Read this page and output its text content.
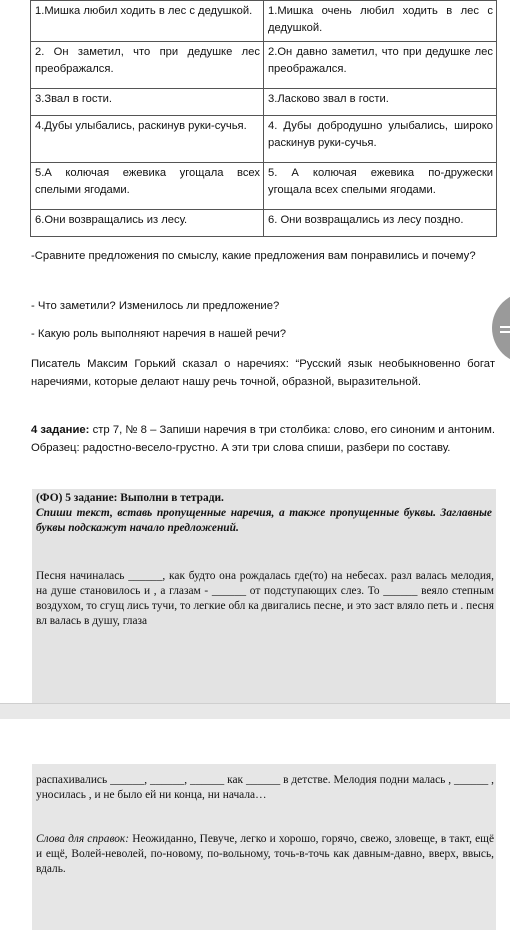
1.Мишка любил ходить в лес с дедушкой.	1.Мишка очень любил ходить в лес с дедушкой.
2. Он заметил, что при дедушке лес преображался.	2.Он давно заметил, что при дедушке лес преображался.
3.Звал в гости.	3.Ласково звал в гости.
4.Дубы улыбались, раскинув руки-сучья.	4. Дубы добродушно улыбались, широко раскинув руки-сучья.
5.А колючая ежевика угощала всех спелыми ягодами.	5. А колючая ежевика по-дружески угощала всех спелыми ягодами.
6.Они возвращались из лесу.	6. Они возвращались из лесу поздно.

-Сравните предложения по смыслу, какие предложения вам понравились и почему?

- Что заметили? Изменилось ли предложение?

- Какую роль выполняют наречия в нашей речи?

Писатель Максим Горький сказал о наречиях: “Русский язык необыкновенно богат наречиями, которые делают нашу речь точной, образной, выразительной.

4 задание: стр 7, № 8 – Запиши наречия в три столбика: слово, его синоним и антоним. Образец: радостно-весело-грустно. А эти три слова спиши, разбери по составу.

(ФО) 5 задание: Выполни в тетради.
Спиши текст, вставь пропущенные наречия, а также пропущенные буквы. Заглавные буквы подскажут начало предложений.
Песня начиналась ______, как будто она рождалась где(то) на небесах. разл валась мелодия, на душе становилось и , а глазам - ______ от подступающих слез. То ______ веяло степным воздухом, то сгущ лись тучи, то легкие обл ка двигались песне, и это заст вляло петь и . песня вл валась в душу, глаза
распахивались ______, ______, ______ как ______ в детстве. Мелодия подни малась , ______ , уносилась , и не было ей ни конца, ни начала…
Слова для справок: Неожиданно, Певуче, легко и хорошо, горячо, свежо, зловеще, в такт, ещё и ещё, Волей-неволей, по-новому, по-вольному, точь-в-точь как давным-давно, вверх, ввысь, вдаль.
